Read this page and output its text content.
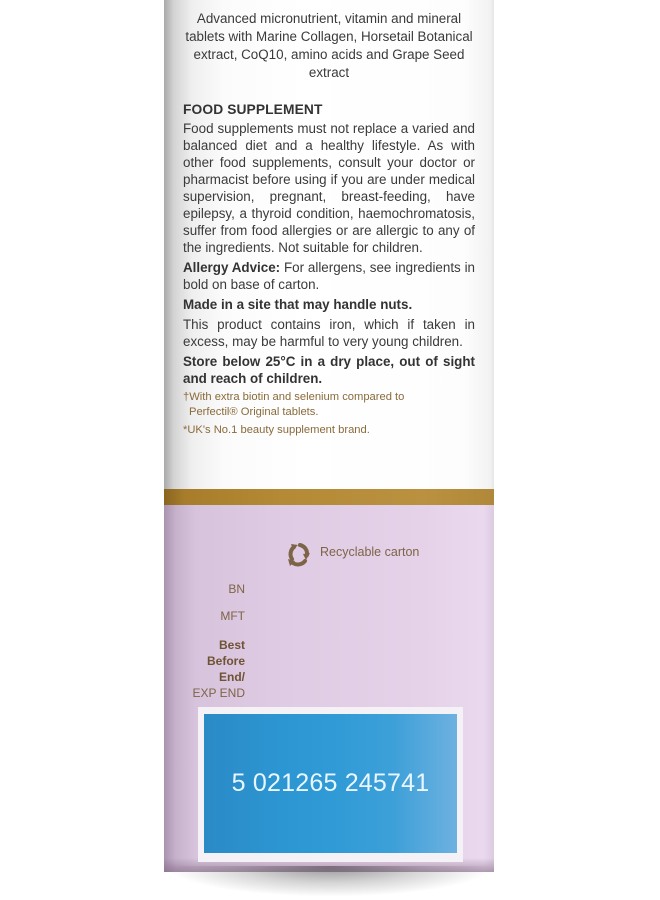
Advanced micronutrient, vitamin and mineral tablets with Marine Collagen, Horsetail Botanical extract, CoQ10, amino acids and Grape Seed extract
FOOD SUPPLEMENT
Food supplements must not replace a varied and balanced diet and a healthy lifestyle. As with other food supplements, consult your doctor or pharmacist before using if you are under medical supervision, pregnant, breast-feeding, have epilepsy, a thyroid condition, haemochromatosis, suffer from food allergies or are allergic to any of the ingredients. Not suitable for children.
Allergy Advice: For allergens, see ingredients in bold on base of carton.
Made in a site that may handle nuts.
This product contains iron, which if taken in excess, may be harmful to very young children.
Store below 25°C in a dry place, out of sight and reach of children.
†With extra biotin and selenium compared to
Perfectil® Original tablets.
*UK's No.1 beauty supplement brand.
Recyclable carton
BN
MFT
Best
Before
End/
EXP END
5 021265 245741
